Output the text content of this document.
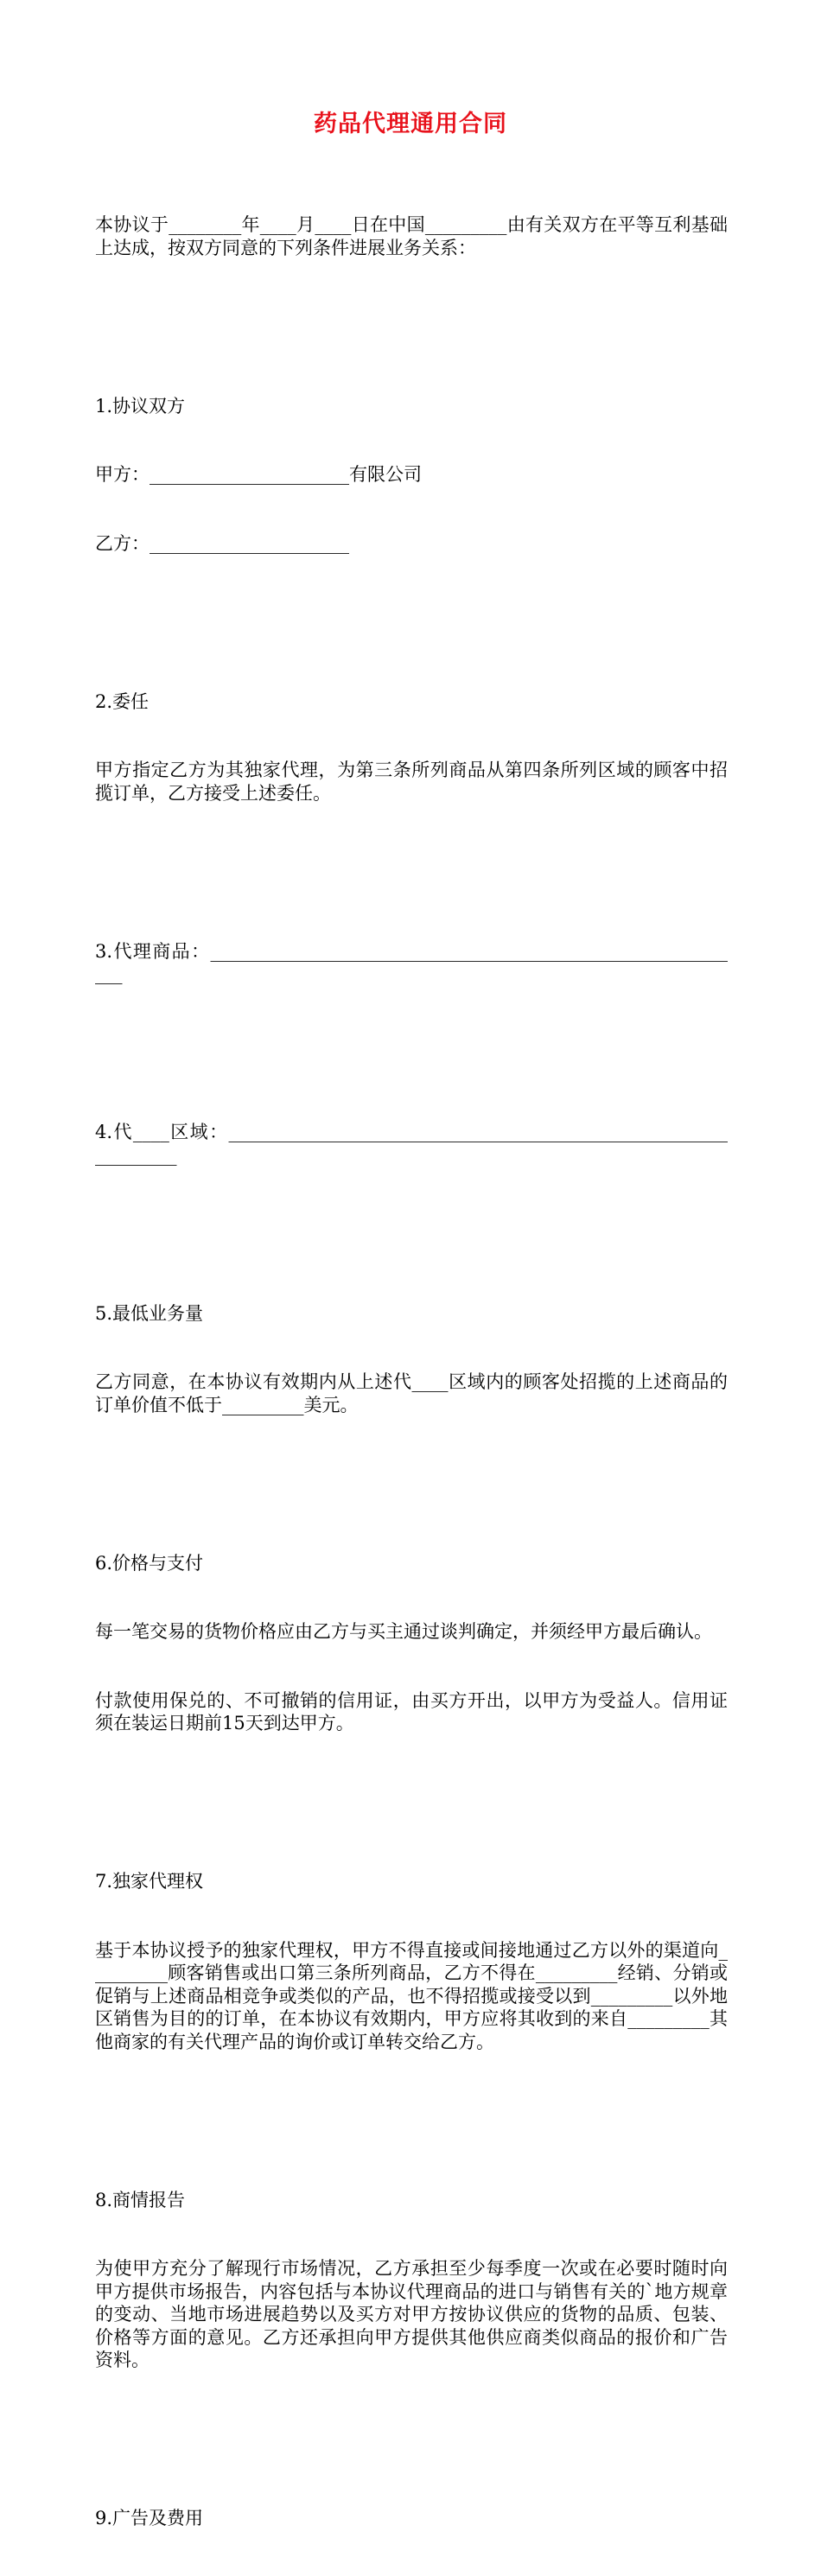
药品代理通用合同

本协议于________年____月____日在中国_________由有关双方在平等互利基础上达成，按双方同意的下列条件进展业务关系：

1.协议双方

甲方：______________________有限公司

乙方：______________________

2.委任

甲方指定乙方为其独家代理，为第三条所列商品从第四条所列区域的顾客中招揽订单，乙方接受上述委任。

3.代理商品：____________________________________________________________

4.代____区域：________________________________________________________________

5.最低业务量

乙方同意，在本协议有效期内从上述代____区域内的顾客处招揽的上述商品的订单价值不低于_________美元。

6.价格与支付

每一笔交易的货物价格应由乙方与买主通过谈判确定，并须经甲方最后确认。

付款使用保兑的、不可撤销的信用证，由买方开出，以甲方为受益人。信用证须在装运日期前15天到达甲方。

7.独家代理权

基于本协议授予的独家代理权，甲方不得直接或间接地通过乙方以外的渠道向_________顾客销售或出口第三条所列商品，乙方不得在_________经销、分销或促销与上述商品相竞争或类似的产品，也不得招揽或接受以到_________以外地区销售为目的的订单，在本协议有效期内，甲方应将其收到的来自_________其他商家的有关代理产品的询价或订单转交给乙方。

8.商情报告

为使甲方充分了解现行市场情况，乙方承担至少每季度一次或在必要时随时向甲方提供市场报告，内容包括与本协议代理商品的进口与销售有关的`地方规章的变动、当地市场进展趋势以及买方对甲方按协议供应的货物的品质、包装、价格等方面的意见。乙方还承担向甲方提供其他供应商类似商品的报价和广告资料。

9.广告及费用
